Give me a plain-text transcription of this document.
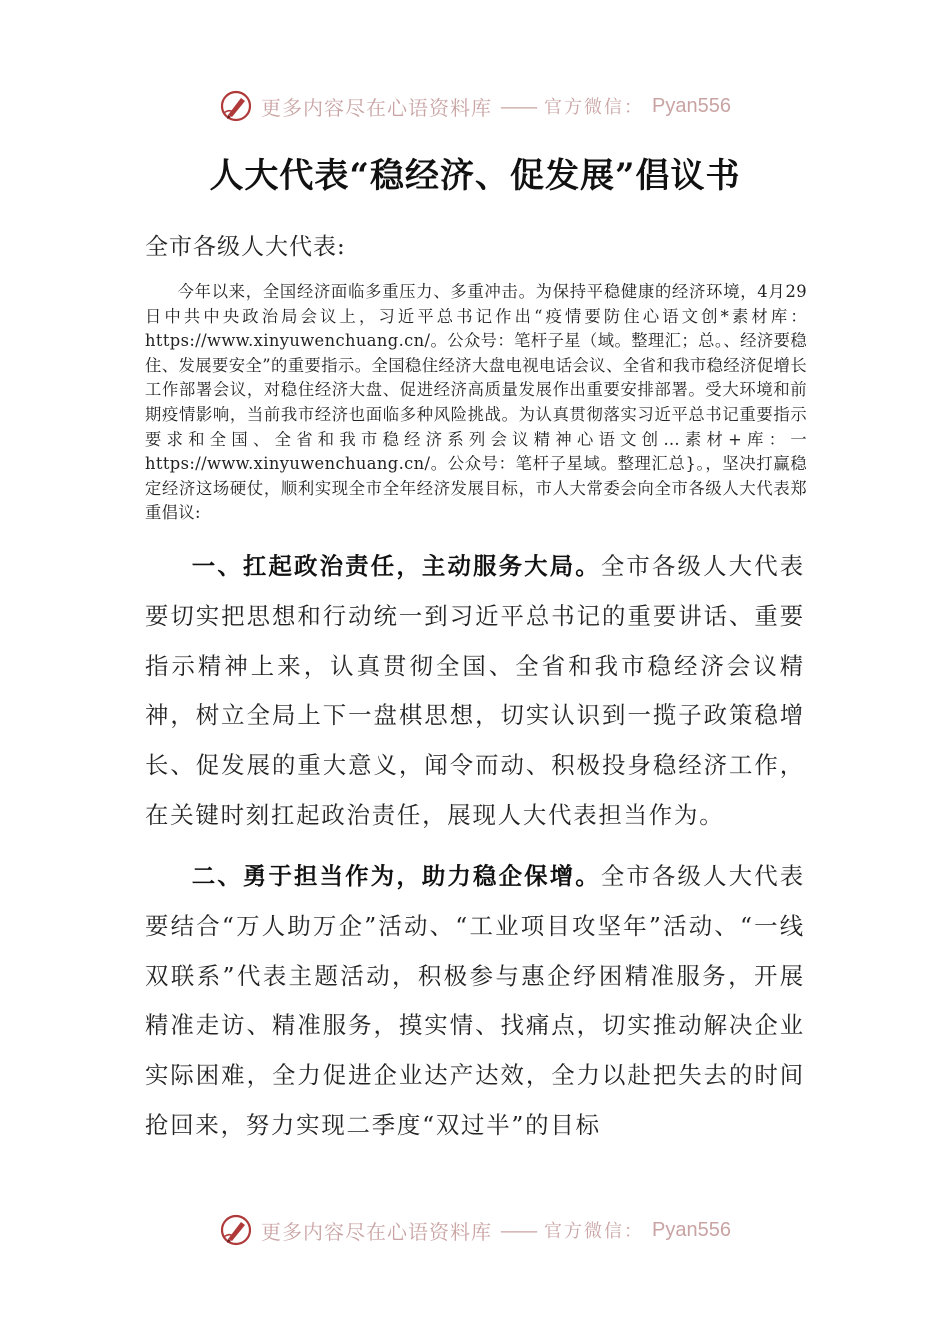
更多内容尽在心语资料库 —— 官方微信： Pyan556
人大代表“稳经济、促发展”倡议书

全市各级人大代表:

今年以来，全国经济面临多重压力、多重冲击。为保持平稳健康的经济环境，4月29日中共中央政治局会议上，习近平总书记作出“疫情要防住心语文创*素材库：https://www.xinyuwenchuang.cn/。公众号：笔杆子星（域。整理汇；总。、经济要稳住、发展要安全”的重要指示。全国稳住经济大盘电视电话会议、全省和我市稳经济促增长工作部署会议，对稳住经济大盘、促进经济高质量发展作出重要安排部署。受大环境和前期疫情影响，当前我市经济也面临多种风险挑战。为认真贯彻落实习近平总书记重要指示要求和全国、全省和我市稳经济系列会议精神心语文创…素材+库：一https://www.xinyuwenchuang.cn/。公众号：笔杆子星域。整理汇总}。，坚决打赢稳定经济这场硬仗，顺利实现全市全年经济发展目标，市人大常委会向全市各级人大代表郑重倡议:

一、扛起政治责任，主动服务大局。全市各级人大代表要切实把思想和行动统一到习近平总书记的重要讲话、重要指示精神上来，认真贯彻全国、全省和我市稳经济会议精神，树立全局上下一盘棋思想，切实认识到一揽子政策稳增长、促发展的重大意义，闻令而动、积极投身稳经济工作，在关键时刻扛起政治责任，展现人大代表担当作为。

二、勇于担当作为，助力稳企保增。全市各级人大代表要结合“万人助万企”活动、“工业项目攻坚年”活动、“一线双联系”代表主题活动，积极参与惠企纾困精准服务，开展精准走访、精准服务，摸实情、找痛点，切实推动解决企业实际困难，全力促进企业达产达效，全力以赴把失去的时间抢回来，努力实现二季度“双过半”的目标

更多内容尽在心语资料库 —— 官方微信： Pyan556
